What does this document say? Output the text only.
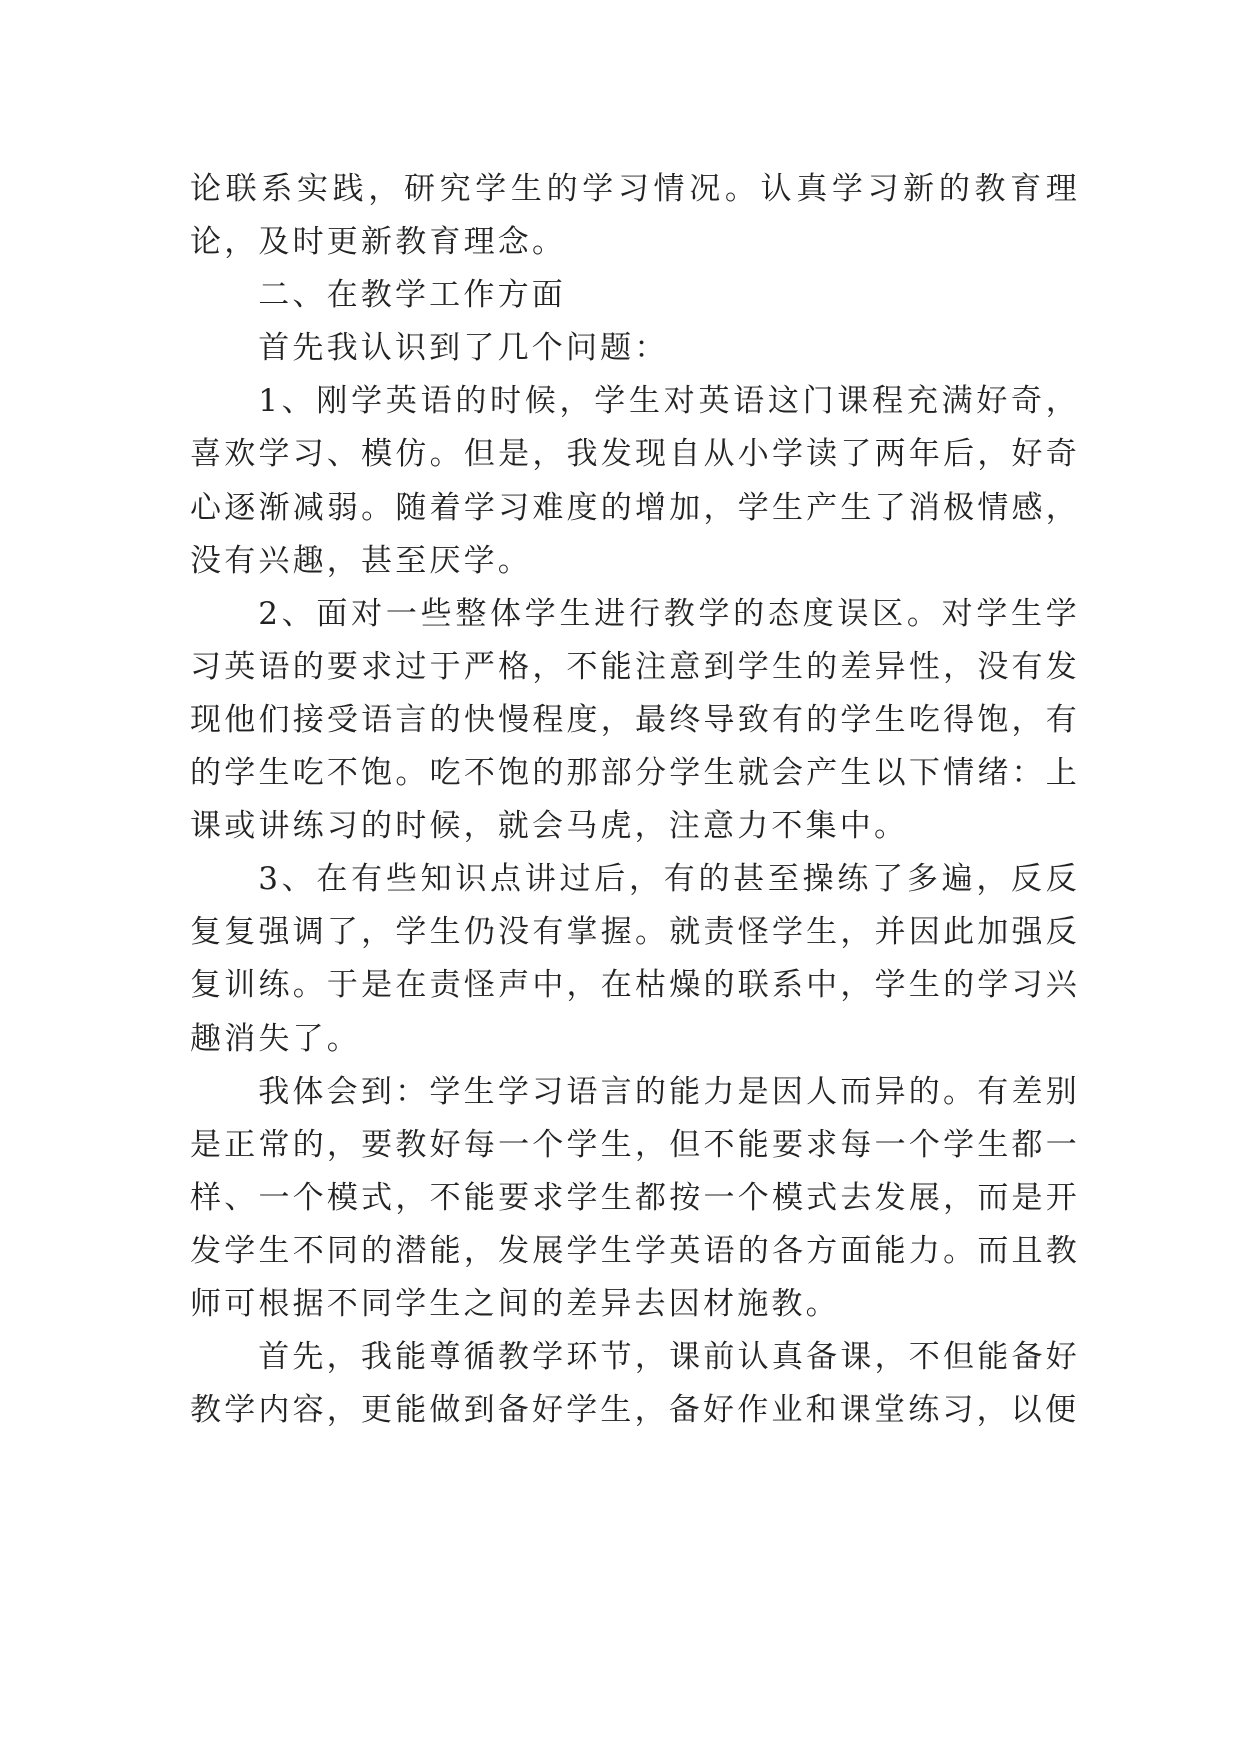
论联系实践，研究学生的学习情况。认真学习新的教育理论，及时更新教育理念。

二、在教学工作方面

首先我认识到了几个问题：

1、刚学英语的时候，学生对英语这门课程充满好奇，喜欢学习、模仿。但是，我发现自从小学读了两年后，好奇心逐渐减弱。随着学习难度的增加，学生产生了消极情感，没有兴趣，甚至厌学。

2、面对一些整体学生进行教学的态度误区。对学生学习英语的要求过于严格，不能注意到学生的差异性，没有发现他们接受语言的快慢程度，最终导致有的学生吃得饱，有的学生吃不饱。吃不饱的那部分学生就会产生以下情绪：上课或讲练习的时候，就会马虎，注意力不集中。

3、在有些知识点讲过后，有的甚至操练了多遍，反反复复强调了，学生仍没有掌握。就责怪学生，并因此加强反复训练。于是在责怪声中，在枯燥的联系中，学生的学习兴趣消失了。

我体会到：学生学习语言的能力是因人而异的。有差别是正常的，要教好每一个学生，但不能要求每一个学生都一样、一个模式，不能要求学生都按一个模式去发展，而是开发学生不同的潜能，发展学生学英语的各方面能力。而且教师可根据不同学生之间的差异去因材施教。

首先，我能尊循教学环节，课前认真备课，不但能备好教学内容，更能做到备好学生，备好作业和课堂练习，以便
